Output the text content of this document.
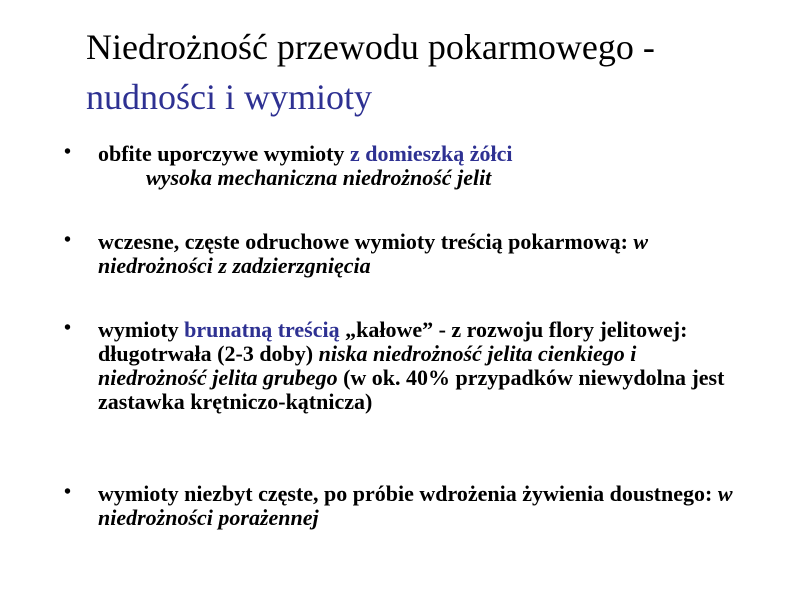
Niedrożność przewodu pokarmowego -
nudności i wymioty
• obfite uporczywe wymioty z domieszką żółci
wysoka mechaniczna niedrożność jelit
• wczesne, częste odruchowe wymioty treścią pokarmową: w niedrożności z zadzierzgnięcia
• wymioty brunatną treścią „kałowe” - z rozwoju flory jelitowej: długotrwała (2-3 doby) niska niedrożność jelita cienkiego i niedrożność jelita grubego (w ok. 40% przypadków niewydolna jest zastawka krętniczo-kątnicza)
• wymioty niezbyt częste, po próbie wdrożenia żywienia doustnego: w niedrożności porażennej
